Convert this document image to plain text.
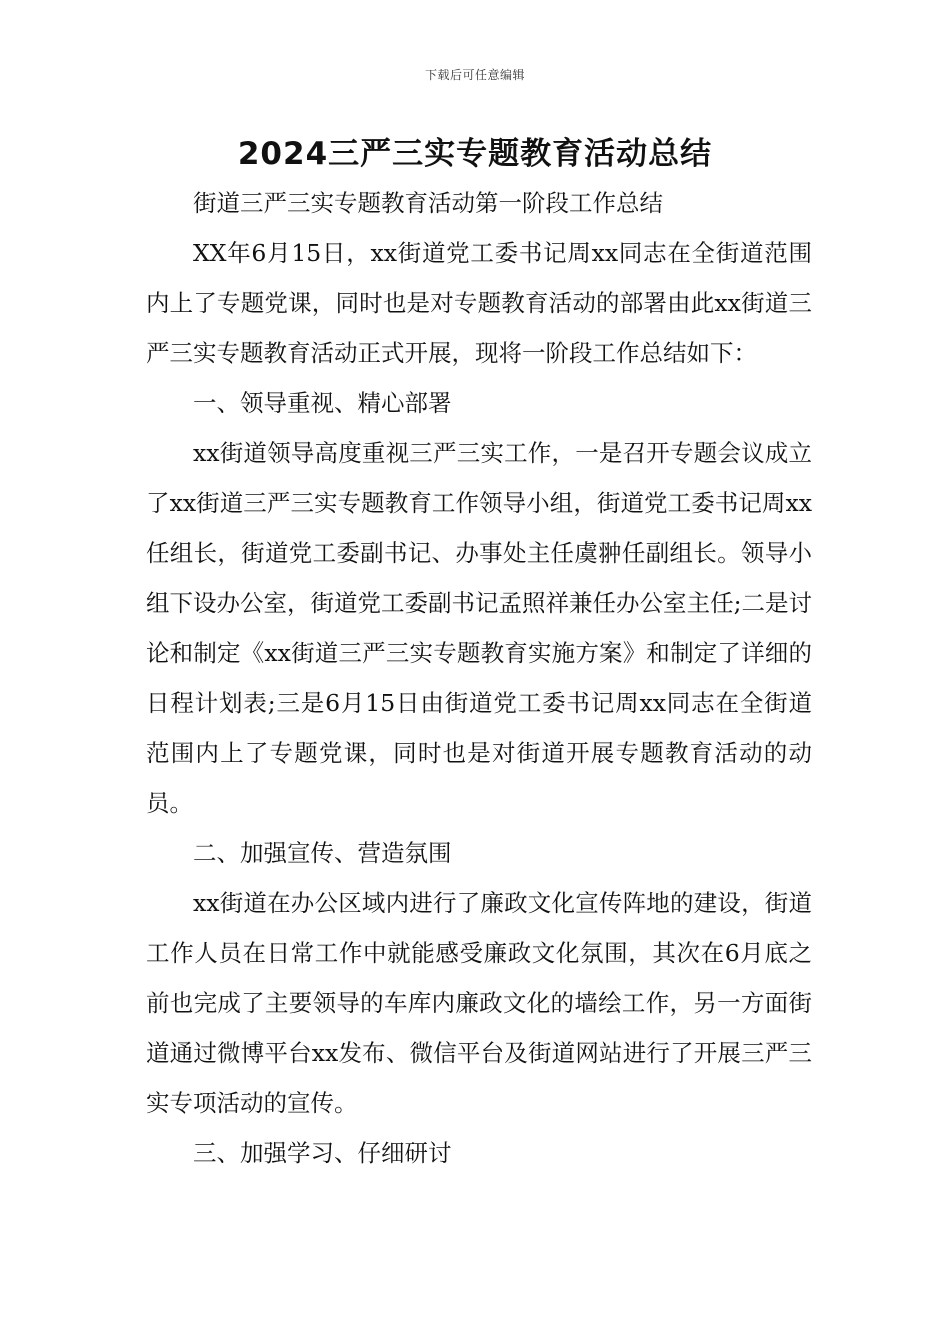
下载后可任意编辑
2024三严三实专题教育活动总结

街道三严三实专题教育活动第一阶段工作总结

XX年6月15日，xx街道党工委书记周xx同志在全街道范围内上了专题党课，同时也是对专题教育活动的部署由此xx街道三严三实专题教育活动正式开展，现将一阶段工作总结如下：

一、领导重视、精心部署

xx街道领导高度重视三严三实工作，一是召开专题会议成立了xx街道三严三实专题教育工作领导小组，街道党工委书记周xx任组长，街道党工委副书记、办事处主任虞翀任副组长。领导小组下设办公室，街道党工委副书记孟照祥兼任办公室主任;二是讨论和制定《xx街道三严三实专题教育实施方案》和制定了详细的日程计划表;三是6月15日由街道党工委书记周xx同志在全街道范围内上了专题党课，同时也是对街道开展专题教育活动的动员。

二、加强宣传、营造氛围

xx街道在办公区域内进行了廉政文化宣传阵地的建设，街道工作人员在日常工作中就能感受廉政文化氛围，其次在6月底之前也完成了主要领导的车库内廉政文化的墙绘工作，另一方面街道通过微博平台xx发布、微信平台及街道网站进行了开展三严三实专项活动的宣传。

三、加强学习、仔细研讨
